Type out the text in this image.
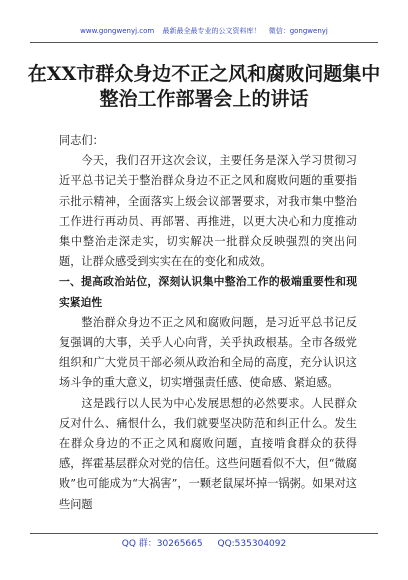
www.gongwenyj.com 最新最全最专业的公文资料库！ 微信：gongwenyj
在XX市群众身边不正之风和腐败问题集中整治工作部署会上的讲话

同志们：

今天，我们召开这次会议，主要任务是深入学习贯彻习近平总书记关于整治群众身边不正之风和腐败问题的重要指示批示精神，全面落实上级会议部署要求，对我市集中整治工作进行再动员、再部署、再推进，以更大决心和力度推动集中整治走深走实，切实解决一批群众反映强烈的突出问题，让群众感受到实实在在的变化和成效。

一、提高政治站位，深刻认识集中整治工作的极端重要性和现实紧迫性

整治群众身边不正之风和腐败问题，是习近平总书记反复强调的大事，关乎人心向背，关乎执政根基。全市各级党组织和广大党员干部必须从政治和全局的高度，充分认识这场斗争的重大意义，切实增强责任感、使命感、紧迫感。

这是践行以人民为中心发展思想的必然要求。人民群众反对什么、痛恨什么，我们就要坚决防范和纠正什么。发生在群众身边的不正之风和腐败问题，直接啃食群众的获得感，挥霍基层群众对党的信任。这些问题看似不大，但“微腐败”也可能成为“大祸害”，一颗老鼠屎坏掉一锅粥。如果对这些问题

QQ 群：30265665 QQ:535304092
